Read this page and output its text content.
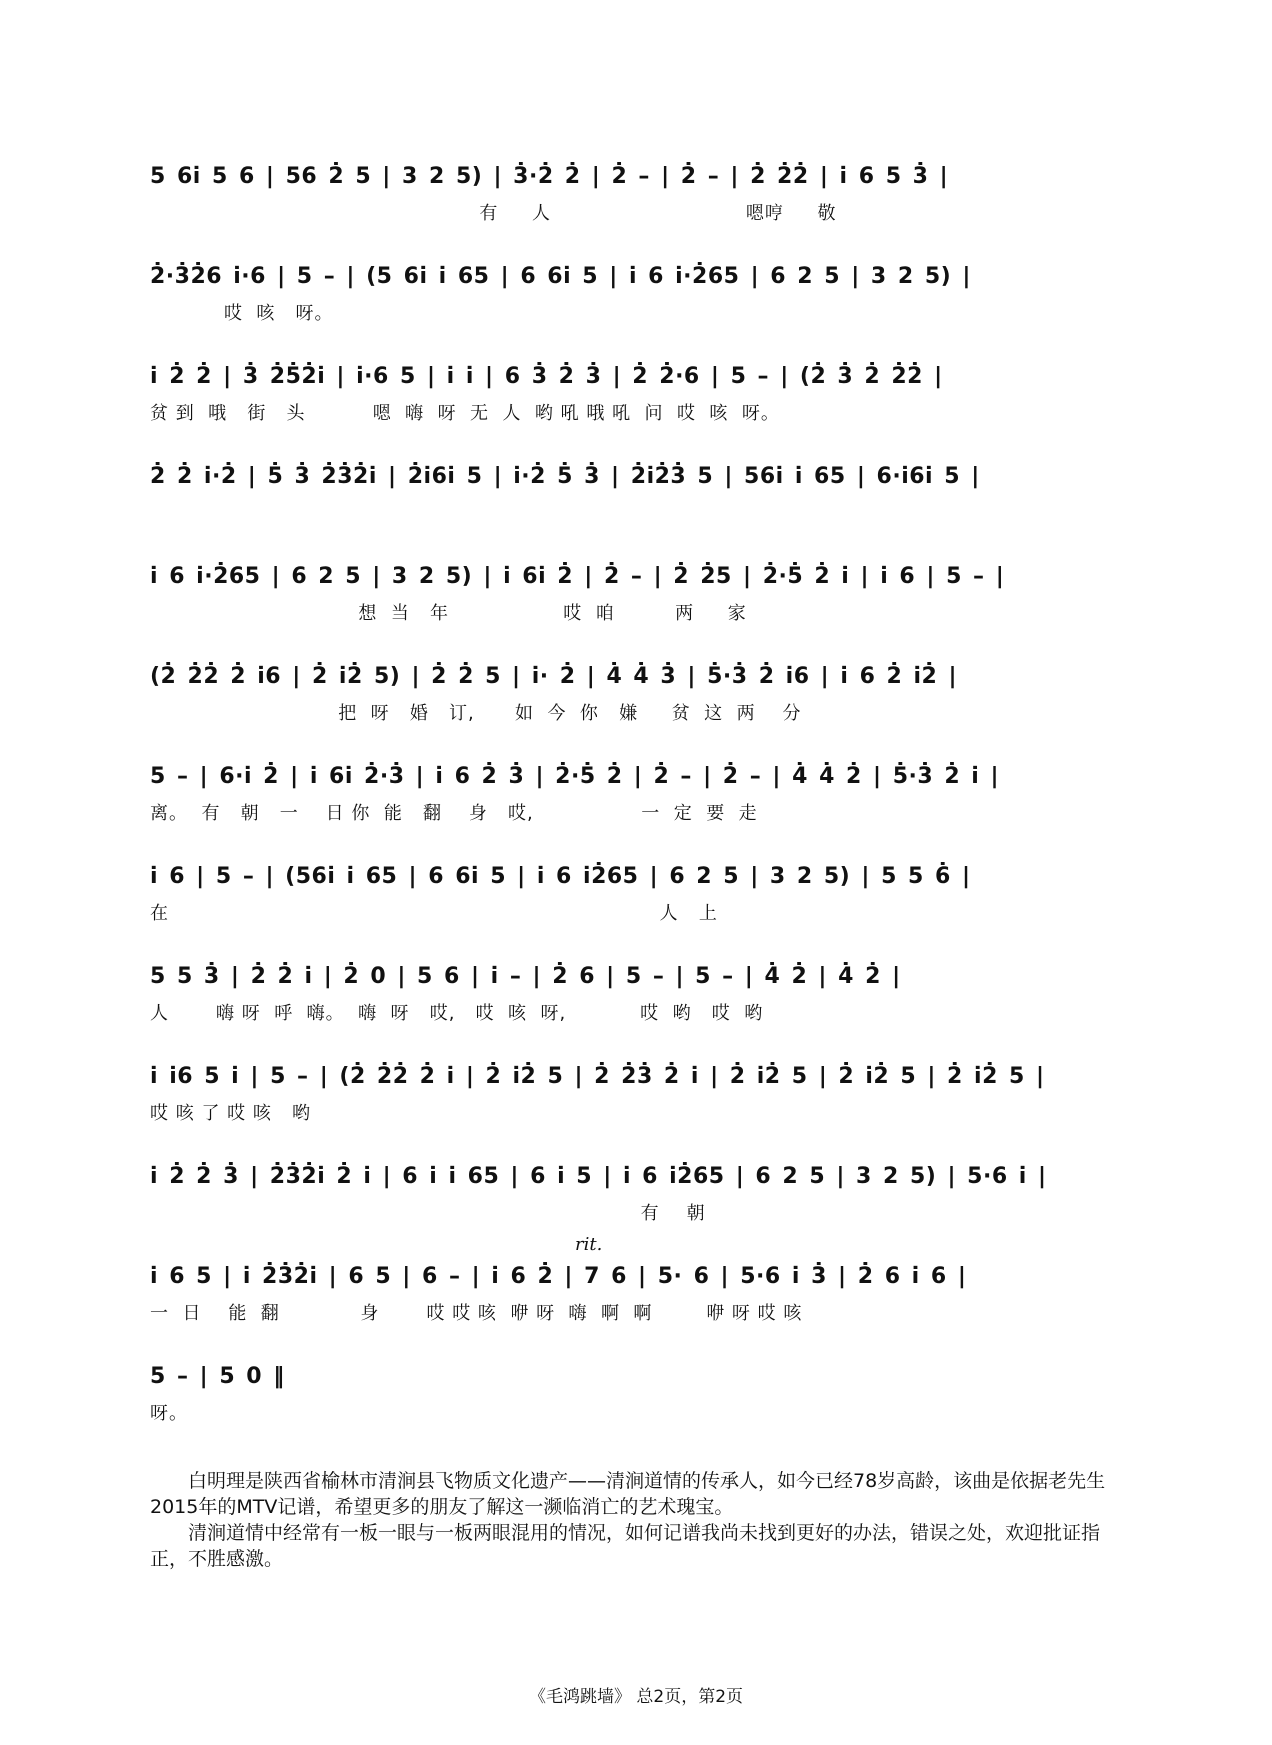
5 6i̇ 5 6 | 56 2̇ 5 | 3 2 5) | 3̇·2̇ 2̇ | 2̇ – | 2̇ – | 2̇ 2̇2̇ | i̇ 6 5 3̇ |
有     人                             嗯哼     敬
2̇·3̇2̇6 i̇·6 | 5 – | (5 6i̇ i̇ 65 | 6 6i̇ 5 | i̇ 6 i̇·2̇65 | 6 2 5 | 3 2 5) |
哎  咳   呀。
i̇ 2̇ 2̇ | 3̇ 2̇5̇2̇i̇ | i̇·6 5 | i̇ i̇ | 6 3̇ 2̇ 3̇ | 2̇ 2̇·6 | 5 – | (2̇ 3̇ 2̇ 2̇2̇ |
贫 到  哦   街   头          嗯  嗨  呀  无  人  哟 吼 哦 吼  问  哎  咳  呀。
2̇ 2̇ i̇·2̇ | 5̇ 3̇ 2̇3̇2̇i̇ | 2̇i̇6i̇ 5 | i̇·2̇ 5̇ 3̇ | 2̇i̇2̇3̇ 5 | 56i̇ i̇ 65 | 6·i̇6i̇ 5 |
i̇ 6 i̇·2̇65 | 6 2 5 | 3 2 5) | i̇ 6i̇ 2̇ | 2̇ – | 2̇ 2̇5 | 2̇·5̇ 2̇ i̇ | i̇ 6 | 5 – |
想  当   年                 哎  咱         两     家
(2̇ 2̇2̇ 2̇ i̇6 | 2̇ i̇2̇ 5) | 2̇ 2̇ 5 | i̇· 2̇ | 4̇ 4̇ 3̇ | 5̇·3̇ 2̇ i̇6 | i̇ 6 2̇ i̇2̇ |
把  呀   婚   订,      如  今  你   嫌     贫  这  两    分
5 – | 6·i̇ 2̇ | i̇ 6i̇ 2̇·3̇ | i̇ 6 2̇ 3̇ | 2̇·5̇ 2̇ | 2̇ – | 2̇ – | 4̇ 4̇ 2̇ | 5̇·3̇ 2̇ i̇ |
离。  有   朝   一    日 你  能   翻    身   哎,                一  定  要  走
i̇ 6 | 5 – | (56i̇ i̇ 65 | 6 6i̇ 5 | i̇ 6 i̇2̇65 | 6 2 5 | 3 2 5) | 5 5 6̇ |
在                                                                         人   上
5 5 3̇ | 2̇ 2̇ i̇ | 2̇ 0 | 5 6 | i̇ – | 2̇ 6 | 5 – | 5 – | 4̇ 2̇ | 4̇ 2̇ |
人       嗨 呀  呼  嗨。  嗨  呀   哎,   哎  咳  呀,           哎  哟   哎  哟
i̇ i̇6 5 i̇ | 5 – | (2̇ 2̇2̇ 2̇ i̇ | 2̇ i̇2̇ 5 | 2̇ 2̇3̇ 2̇ i̇ | 2̇ i̇2̇ 5 | 2̇ i̇2̇ 5 | 2̇ i̇2̇ 5 |
哎 咳 了 哎 咳   哟
i̇ 2̇ 2̇ 3̇ | 2̇3̇2̇i̇ 2̇ i̇ | 6 i̇ i̇ 65 | 6 i̇ 5 | i̇ 6 i̇2̇65 | 6 2 5 | 3 2 5) | 5·6 i̇ |
有    朝
rit.
i̇ 6 5 | i̇ 2̇3̇2̇i̇ | 6 5 | 6 – | i̇ 6 2̇ | 7 6 | 5· 6 | 5·6 i̇ 3̇ | 2̇ 6 i̇ 6 |
一  日    能  翻            身       哎 哎 咳  咿 呀  嗨  啊  啊        咿 呀 哎 咳
5 – | 5 0 ‖
呀。

白明理是陕西省榆林市清涧县飞物质文化遗产——清涧道情的传承人，如今已经78岁高龄，该曲是依据老先生2015年的MTV记谱，希望更多的朋友了解这一濒临消亡的艺术瑰宝。

清涧道情中经常有一板一眼与一板两眼混用的情况，如何记谱我尚未找到更好的办法，错误之处，欢迎批证指正，不胜感激。

《毛鸿跳墙》 总2页，第2页
